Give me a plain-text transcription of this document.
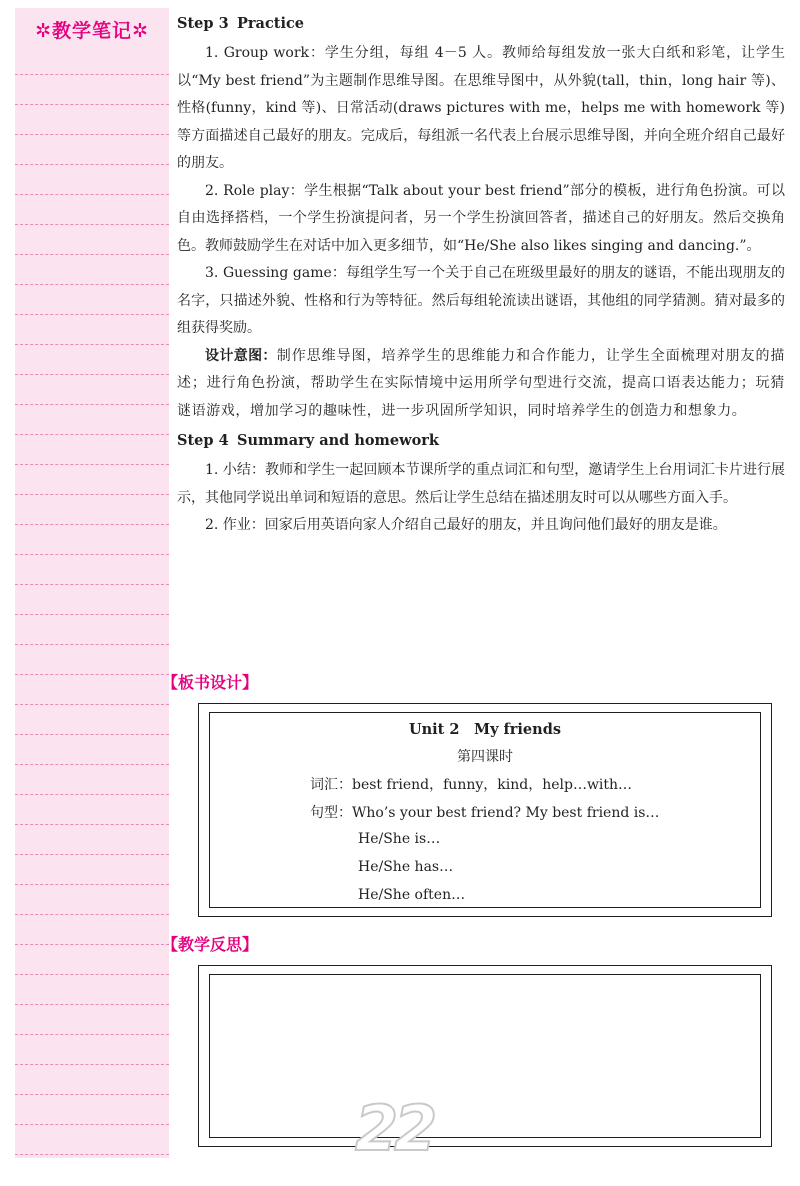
✲教学笔记✲	Step 3 Practice

1. Group work：学生分组，每组 4－5 人。教师给每组发放一张大白纸和彩笔，让学生以“My best friend”为主题制作思维导图。在思维导图中，从外貌(tall，thin，long hair 等)、性格(funny，kind 等)、日常活动(draws pictures with me，helps me with homework 等)等方面描述自己最好的朋友。完成后，每组派一名代表上台展示思维导图，并向全班介绍自己最好的朋友。

2. Role play：学生根据“Talk about your best friend”部分的模板，进行角色扮演。可以自由选择搭档，一个学生扮演提问者，另一个学生扮演回答者，描述自己的好朋友。然后交换角色。教师鼓励学生在对话中加入更多细节，如“He/She also likes singing and dancing.”。

3. Guessing game：每组学生写一个关于自己在班级里最好的朋友的谜语，不能出现朋友的名字，只描述外貌、性格和行为等特征。然后每组轮流读出谜语，其他组的同学猜测。猜对最多的组获得奖励。

设计意图：制作思维导图，培养学生的思维能力和合作能力，让学生全面梳理对朋友的描述；进行角色扮演，帮助学生在实际情境中运用所学句型进行交流，提高口语表达能力；玩猜谜语游戏，增加学习的趣味性，进一步巩固所学知识，同时培养学生的创造力和想象力。

Step 4 Summary and homework

1. 小结：教师和学生一起回顾本节课所学的重点词汇和句型，邀请学生上台用词汇卡片进行展示，其他同学说出单词和短语的意思。然后让学生总结在描述朋友时可以从哪些方面入手。

2. 作业：回家后用英语向家人介绍自己最好的朋友，并且询问他们最好的朋友是谁。

【板书设计】
Unit 2　My friends
第四课时
词汇：best friend，funny，kind，help…with…
句型：Who’s your best friend? My best friend is…
He/She is…
He/She has…
He/She often…
【教学反思】
22
